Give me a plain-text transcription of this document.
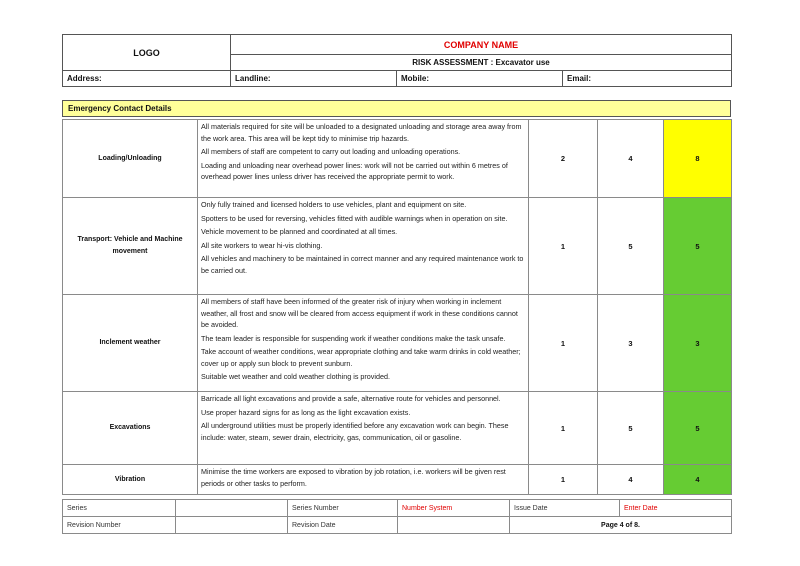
LOGO	COMPANY NAME		
	RISK ASSESSMENT : Excavator use		
Address:	Landline:	Mobile:	Email:
Emergency Contact Details
Loading/Unloading	All materials required for site will be unloaded to a designated unloading and storage area away from the work area. This area will be kept tidy to minimise trip hazards.

All members of staff are competent to carry out loading and unloading operations.

Loading and unloading near overhead power lines: work will not be carried out within 6 metres of overhead power lines unless driver has received the appropriate permit to work.	2	4	8
Transport: Vehicle and Machine movement	Only fully trained and licensed holders to use vehicles, plant and equipment on site.

Spotters to be used for reversing, vehicles fitted with audible warnings when in operation on site.

Vehicle movement to be planned and coordinated at all times.

All site workers to wear hi-vis clothing.

All vehicles and machinery to be maintained in correct manner and any required maintenance work to be carried out.	1	5	5
Inclement weather	All members of staff have been informed of the greater risk of injury when working in inclement weather, all frost and snow will be cleared from access equipment if work in these conditions cannot be avoided.

The team leader is responsible for suspending work if weather conditions make the task unsafe.

Take account of weather conditions, wear appropriate clothing and take warm drinks in cold weather; cover up or apply sun block to prevent sunburn.

Suitable wet weather and cold weather clothing is provided.	1	3	3
Excavations	Barricade all light excavations and provide a safe, alternative route for vehicles and personnel.

Use proper hazard signs for as long as the light excavation exists.

All underground utilities must be properly identified before any excavation work can begin. These include: water, steam, sewer drain, electricity, gas, communication, oil or gasoline.	1	5	5
Vibration	Minimise the time workers are exposed to vibration by job rotation, i.e. workers will be given rest periods or other tasks to perform.	1	4	4
Series		Series Number	Number System	Issue Date	Enter Date
Revision Number		Revision Date		Page 4 of 8.	
